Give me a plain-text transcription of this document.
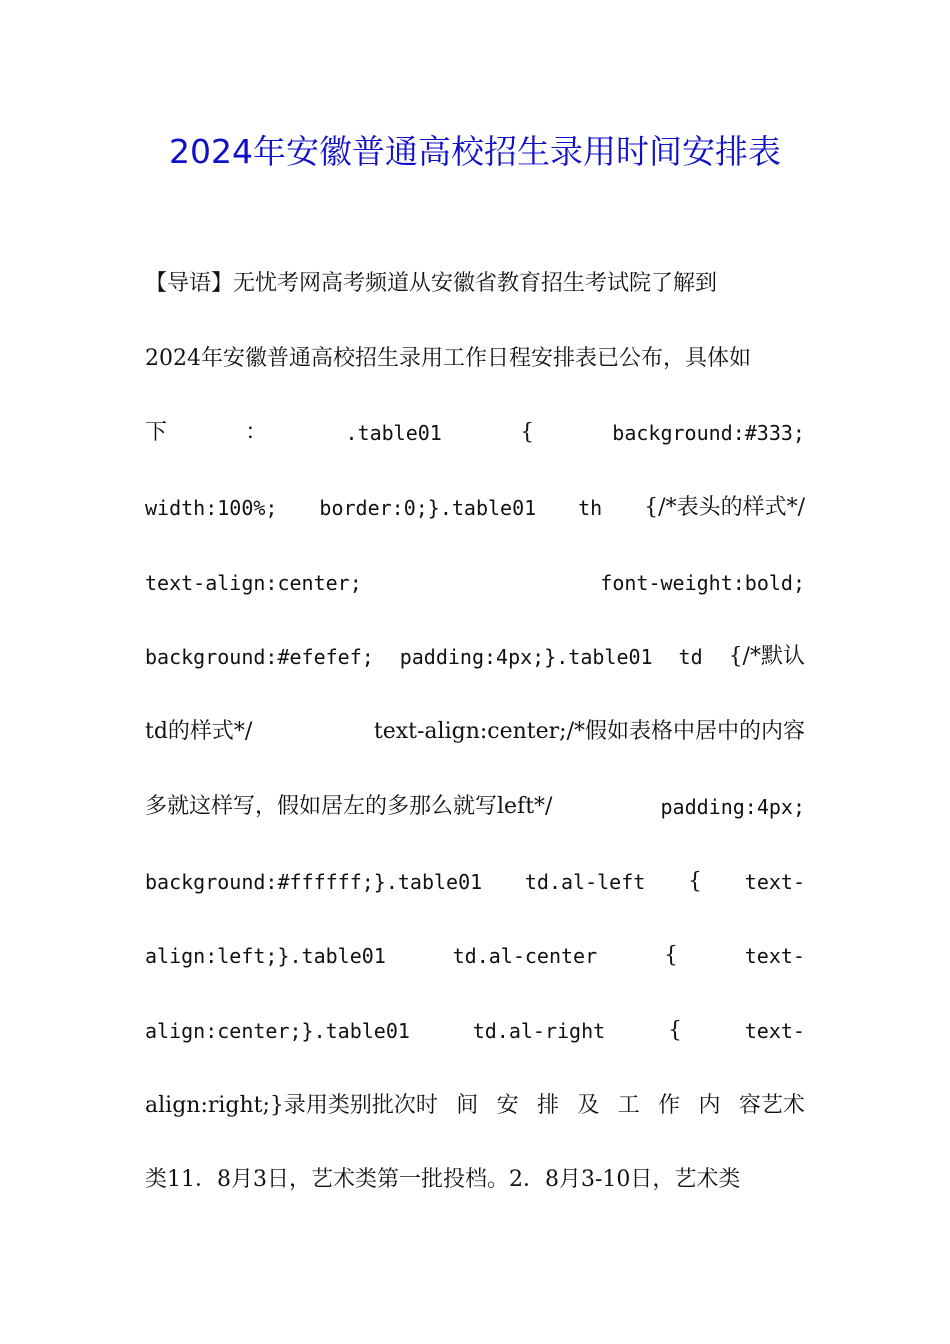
2024年安徽普通高校招生录用时间安排表
【导语】无忧考网高考频道从安徽省教育招生考试院了解到
2024年安徽普通高校招生录用工作日程安排表已公布，具体如
下	：	.table01	{	background:#333;
width:100%; border:0;}.table01 th {/*表头的样式*/
text-align:center;	font-weight:bold;
background:#efefef; padding:4px;}.table01 td {/*默认
td的样式*/	text-align:center;/*假如表格中居中的内容
多就这样写，假如居左的多那么就写left*/	padding:4px;
background:#ffffff;}.table01 td.al-left { text-
align:left;}.table01	td.al-center	{	text-
align:center;}.table01	td.al-right	{	text-
align:right;}录用类别批次时 间 安 排 及 工 作 内 容艺术
类11．8月3日，艺术类第一批投档。2．8月3-10日，艺术类
